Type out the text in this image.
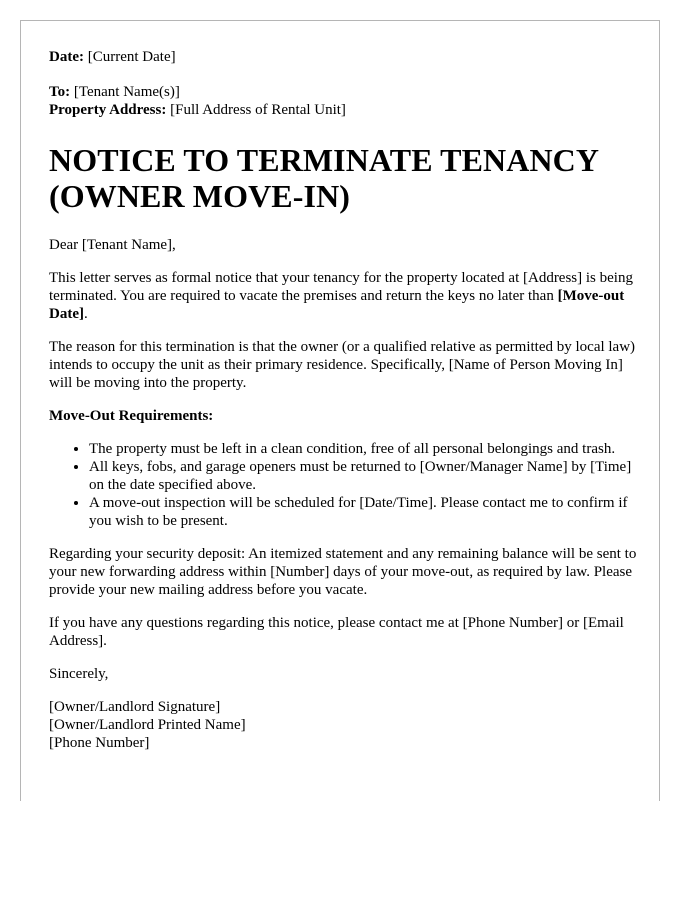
Date: [Current Date]

To: [Tenant Name(s)]

Property Address: [Full Address of Rental Unit]

NOTICE TO TERMINATE TENANCY
(OWNER MOVE-IN)

Dear [Tenant Name],

This letter serves as formal notice that your tenancy for the property located at [Address] is being terminated. You are required to vacate the premises and return the keys no later than [Move-out Date].

The reason for this termination is that the owner (or a qualified relative as permitted by local law) intends to occupy the unit as their primary residence. Specifically, [Name of Person Moving In] will be moving into the property.

Move-Out Requirements:

• The property must be left in a clean condition, free of all personal belongings and trash.
• All keys, fobs, and garage openers must be returned to [Owner/Manager Name] by [Time] on the date specified above.
• A move-out inspection will be scheduled for [Date/Time]. Please contact me to confirm if you wish to be present.

Regarding your security deposit: An itemized statement and any remaining balance will be sent to your new forwarding address within [Number] days of your move-out, as required by law. Please provide your new mailing address before you vacate.

If you have any questions regarding this notice, please contact me at [Phone Number] or [Email Address].

Sincerely,

[Owner/Landlord Signature]

[Owner/Landlord Printed Name]

[Phone Number]
